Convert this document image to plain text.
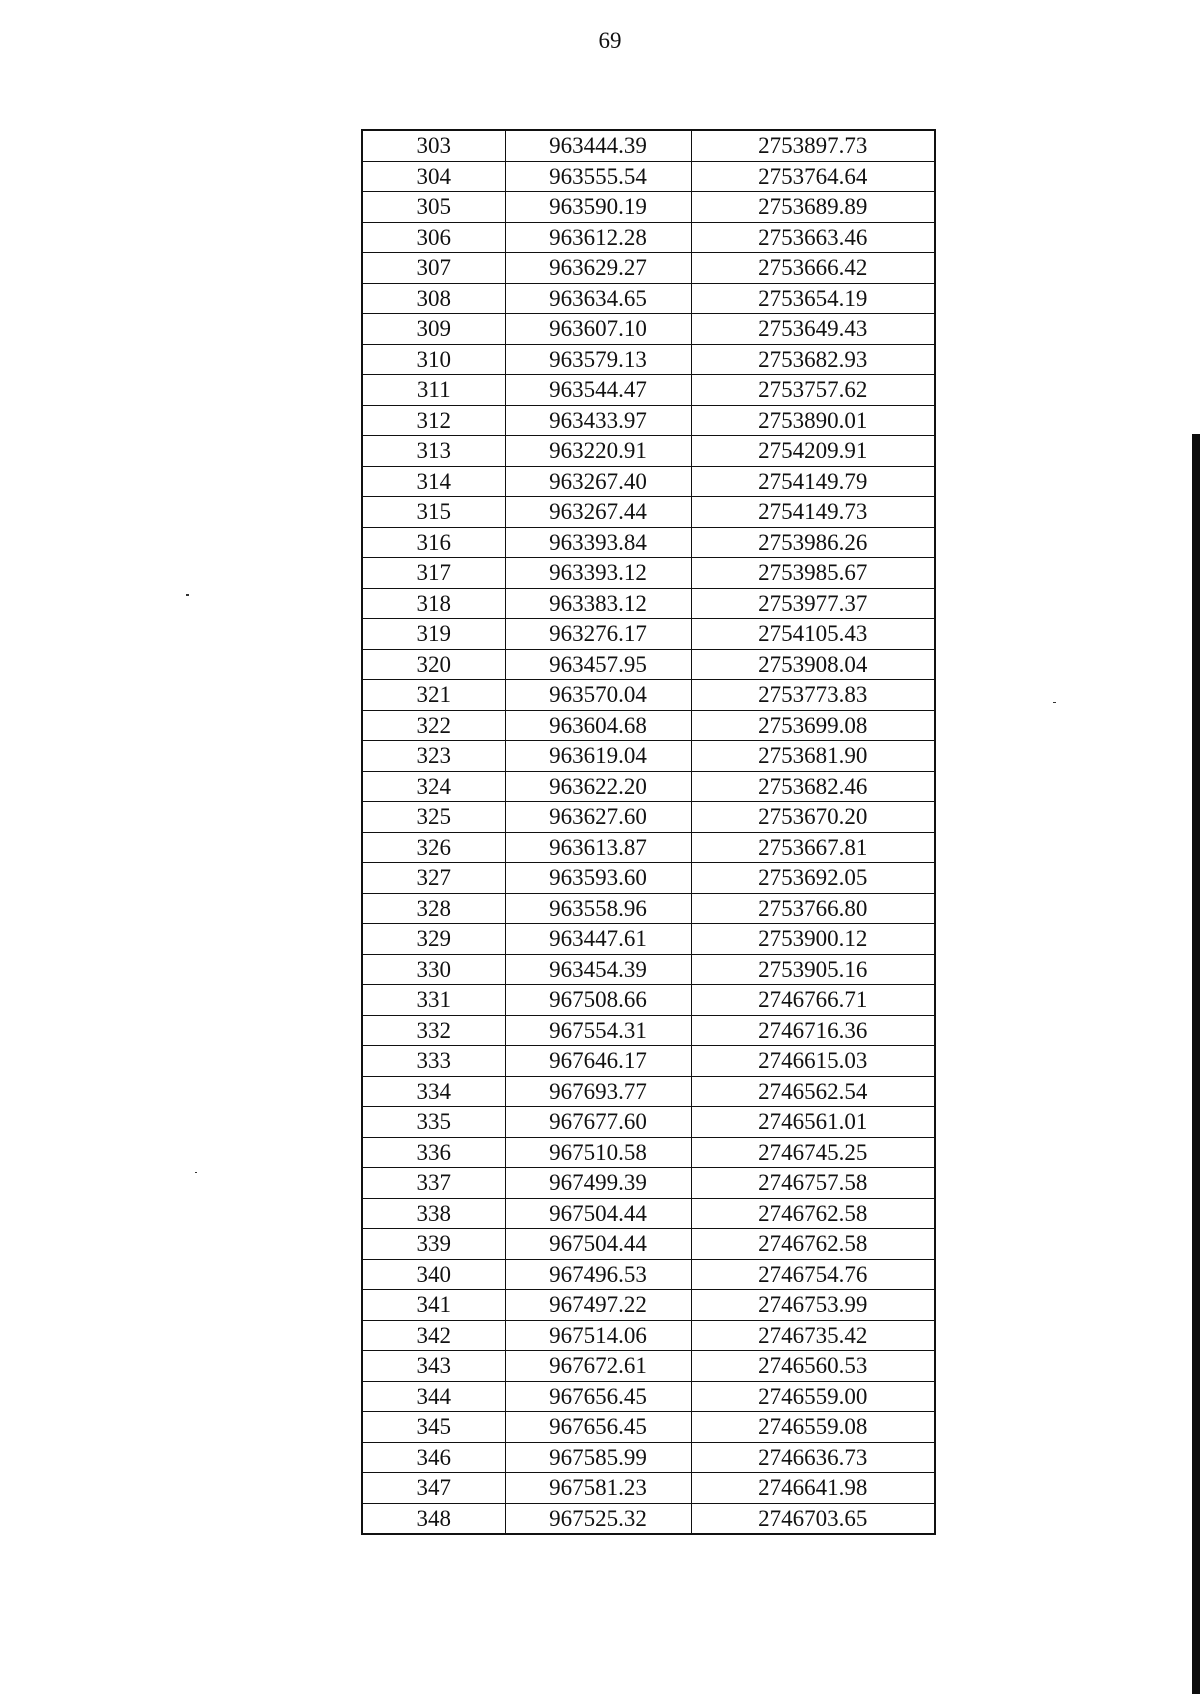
69
303	963444.39	2753897.73
304	963555.54	2753764.64
305	963590.19	2753689.89
306	963612.28	2753663.46
307	963629.27	2753666.42
308	963634.65	2753654.19
309	963607.10	2753649.43
310	963579.13	2753682.93
311	963544.47	2753757.62
312	963433.97	2753890.01
313	963220.91	2754209.91
314	963267.40	2754149.79
315	963267.44	2754149.73
316	963393.84	2753986.26
317	963393.12	2753985.67
318	963383.12	2753977.37
319	963276.17	2754105.43
320	963457.95	2753908.04
321	963570.04	2753773.83
322	963604.68	2753699.08
323	963619.04	2753681.90
324	963622.20	2753682.46
325	963627.60	2753670.20
326	963613.87	2753667.81
327	963593.60	2753692.05
328	963558.96	2753766.80
329	963447.61	2753900.12
330	963454.39	2753905.16
331	967508.66	2746766.71
332	967554.31	2746716.36
333	967646.17	2746615.03
334	967693.77	2746562.54
335	967677.60	2746561.01
336	967510.58	2746745.25
337	967499.39	2746757.58
338	967504.44	2746762.58
339	967504.44	2746762.58
340	967496.53	2746754.76
341	967497.22	2746753.99
342	967514.06	2746735.42
343	967672.61	2746560.53
344	967656.45	2746559.00
345	967656.45	2746559.08
346	967585.99	2746636.73
347	967581.23	2746641.98
348	967525.32	2746703.65
